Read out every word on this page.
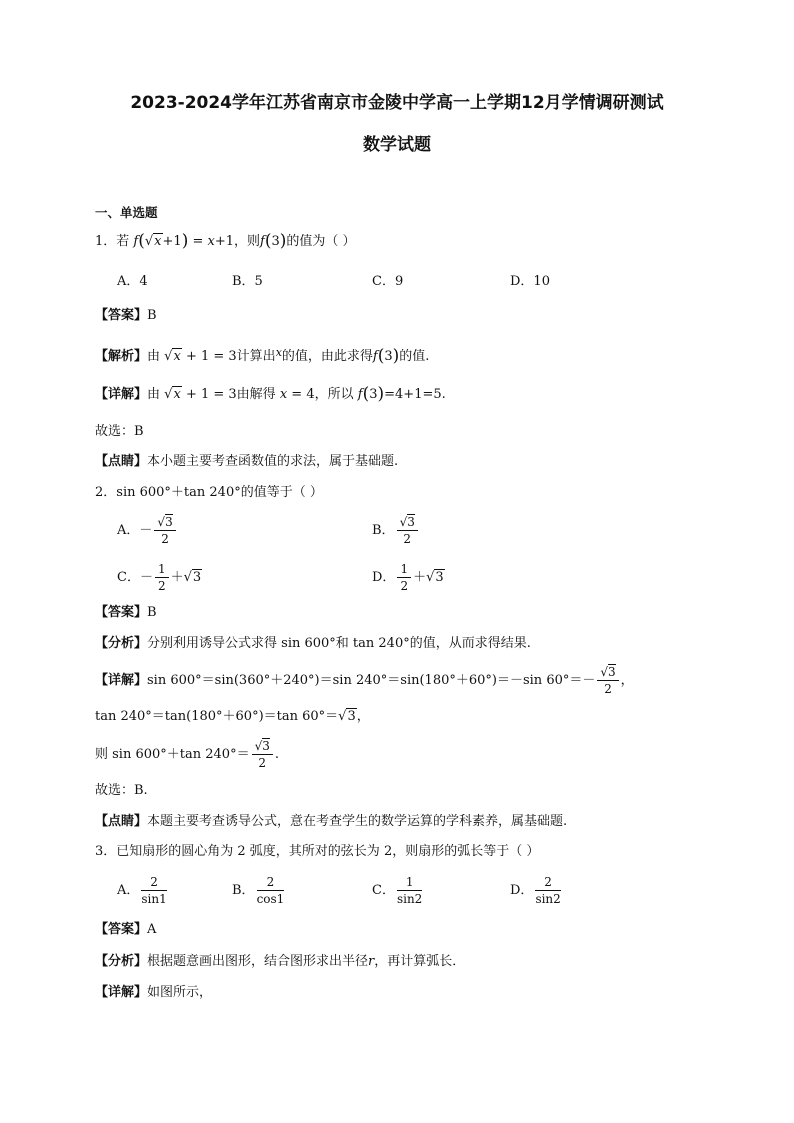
2023-2024学年江苏省南京市金陵中学高一上学期12月学情调研测试
数学试题
一、单选题
1．若 f(√x+1) = x+1，则f(3)的值为（ ）
A．4	B．5	C．9	D．10
【答案】B
【解析】由 √x + 1 = 3计算出$^x$的值，由此求得f(3)的值.
【详解】由 √x + 1 = 3由解得 x = 4，所以 f(3)=4+1=5.
故选：B
【点睛】本小题主要考查函数值的求法，属于基础题.
2．sin 600°＋tan 240°的值等于（ ）
A．－ $\frac{√3}{2}$	B． $\frac{√3}{2}$
C．－ $\frac{1}{2} +√3$	D． $\frac{1}{2} +√3$
【答案】B
【分析】分别利用诱导公式求得 sin 600°和 tan 240°的值，从而求得结果.
【详解】sin 600°＝sin(360°＋240°)＝sin 240°＝sin(180°＋60°)＝－sin $60^\circ=- \frac{√3}{2}$ ，
tan 240°＝tan(180°＋60°)＝tan 60°＝√3，
则 sin 600°＋tan $240^\circ= \frac{√3}{2}$ .
故选：B.
【点睛】本题主要考查诱导公式，意在考查学生的数学运算的学科素养，属基础题.
3．已知扇形的圆心角为 2 弧度，其所对的弦长为 2，则扇形的弧长等于（ ）
A． $\frac{2}{\sin 1}$	B． $\frac{2}{\cos 1}$	C． $\frac{1}{\sin 2}$	D． $\frac{2}{\sin 2}$
【答案】A
【分析】根据题意画出图形，结合图形求出半径r，再计算弧长．
【详解】如图所示，
